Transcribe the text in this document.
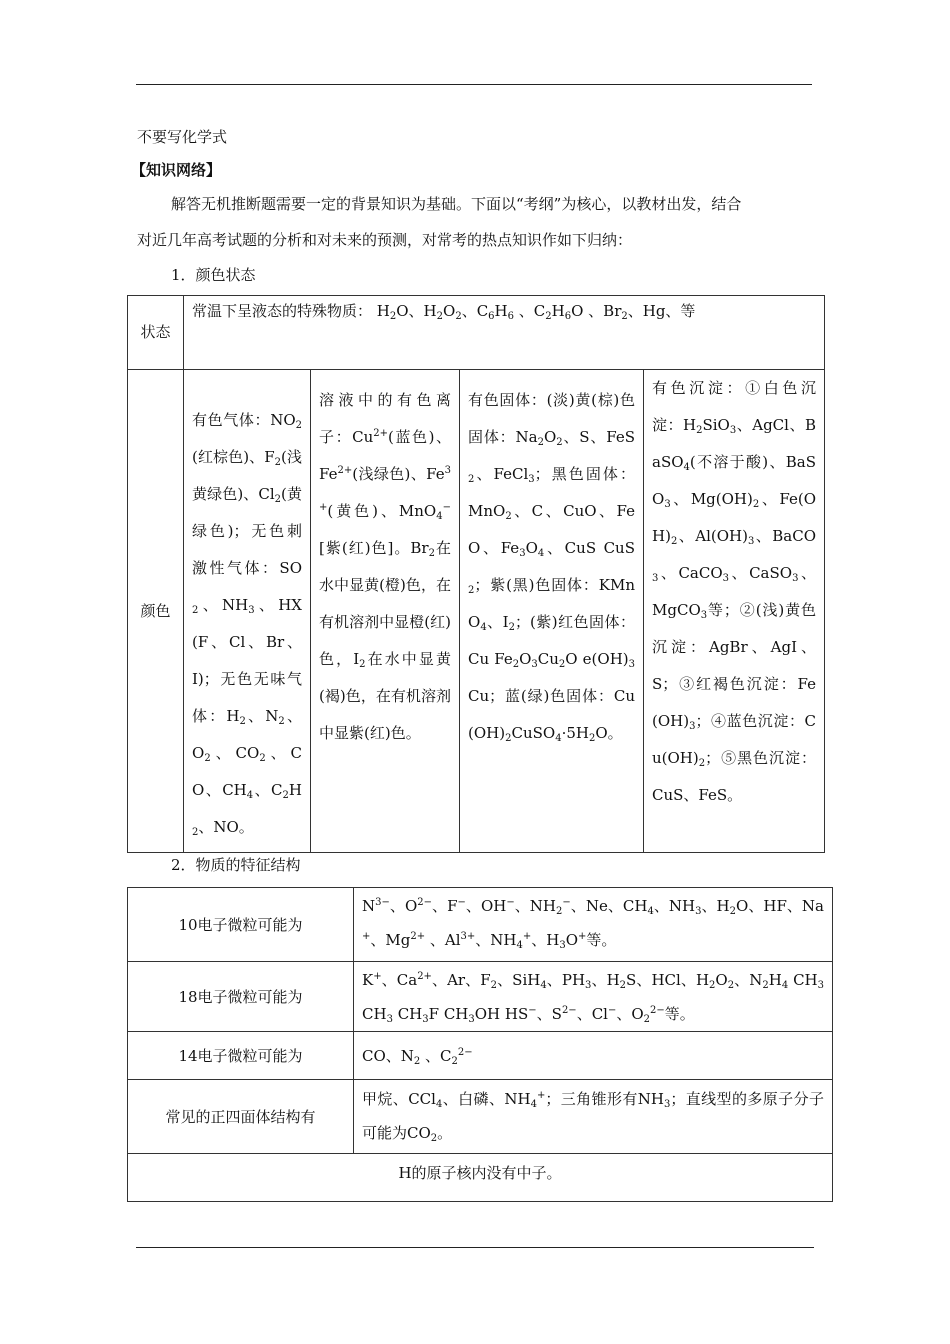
不要写化学式
【知识网络】
解答无机推断题需要一定的背景知识为基础。下面以“考纲”为核心，以教材出发，结合
对近几年高考试题的分析和对未来的预测，对常考的热点知识作如下归纳：
1．颜色状态
状态	常温下呈液态的特殊物质： $H_2O$、$H_2O_2$、$C_6H_6$ 、$C_2H_6O$ 、$Br_2$、Hg、等			
颜色	有色气体：$NO_2$(红棕色)、$F_2$(浅黄绿色)、$Cl_2$(黄绿色)；无色刺激性气体：$SO_2$、$NH_3$、HX(F、Cl、Br、I)；无色无味气体：$H_2$、$N_2$、$O_2$、$CO_2$、CO、$CH_4$、$C_2H_2$、NO。	溶液中的有色离子：$Cu^{2+}$(蓝色)、$Fe^{2+}$(浅绿色)、$Fe^{3+}$(黄色)、MnO$_4$−[紫(红)色]。$Br_2$在水中显黄(橙)色，在有机溶剂中显橙(红)色，$I_2$在水中显黄(褐)色，在有机溶剂中显紫(红)色。	有色固体：(淡)黄(棕)色固体：$Na_2O_2$、S、FeS$_2$、FeCl$_3$；黑色固体：MnO$_2$、C、CuO、FeO、$Fe_3O_4$、CuS CuS$_2$；紫(黑)色固体：KMnO$_4$、$I_2$；(紫)红色固体：Cu $Fe_2O_3Cu_2O$ $e(OH)_3Cu$；蓝(绿)色固体：$Cu(OH)_2CuSO_4\cdot 5H_2O$。	有色沉淀：①白色沉淀：$H_2SiO_3$、AgCl、BaSO$_4$(不溶于酸)、BaSO$_3$、$Mg(OH)_2$、$Fe(OH)_2$、$Al(OH)_3$、BaCO$_3$、CaCO$_3$、CaSO$_3$、MgCO$_3$等；②(浅)黄色沉淀：AgBr、AgI、S；③红褐色沉淀：$Fe(OH)_3$；④蓝色沉淀：$Cu(OH)_2$；⑤黑色沉淀：CuS、FeS。
2．物质的特征结构
10电子微粒可能为	$N^{3-}$、$O^{2-}$、F−、OH−、$NH_2^-$、Ne、$CH_4$、$NH_3$、$H_2O$、HF、Na+、$Mg^{2+}$ 、$Al^{3+}$、$NH_4^+$、$H_3O^+$等。
18电子微粒可能为	K+、$Ca^{2+}$、Ar、$F_2$、SiH$_4$、$PH_3$、$H_2S$、HCl、$H_2O_2$、$N_2H_4$ $CH_3CH_3$ $CH_3F$ $CH_3OH$ HS−、$S^{2-}$、Cl−、$O_2^{2-}$等。
14电子微粒可能为	CO、$N_2$ 、$C_2^{2-}$
常见的正四面体结构有	甲烷、CCl$_4$、白磷、$NH_4^+$；三角锥形有$NH_3$；直线型的多原子分子可能为$CO_2$。
H的原子核内没有中子。	
